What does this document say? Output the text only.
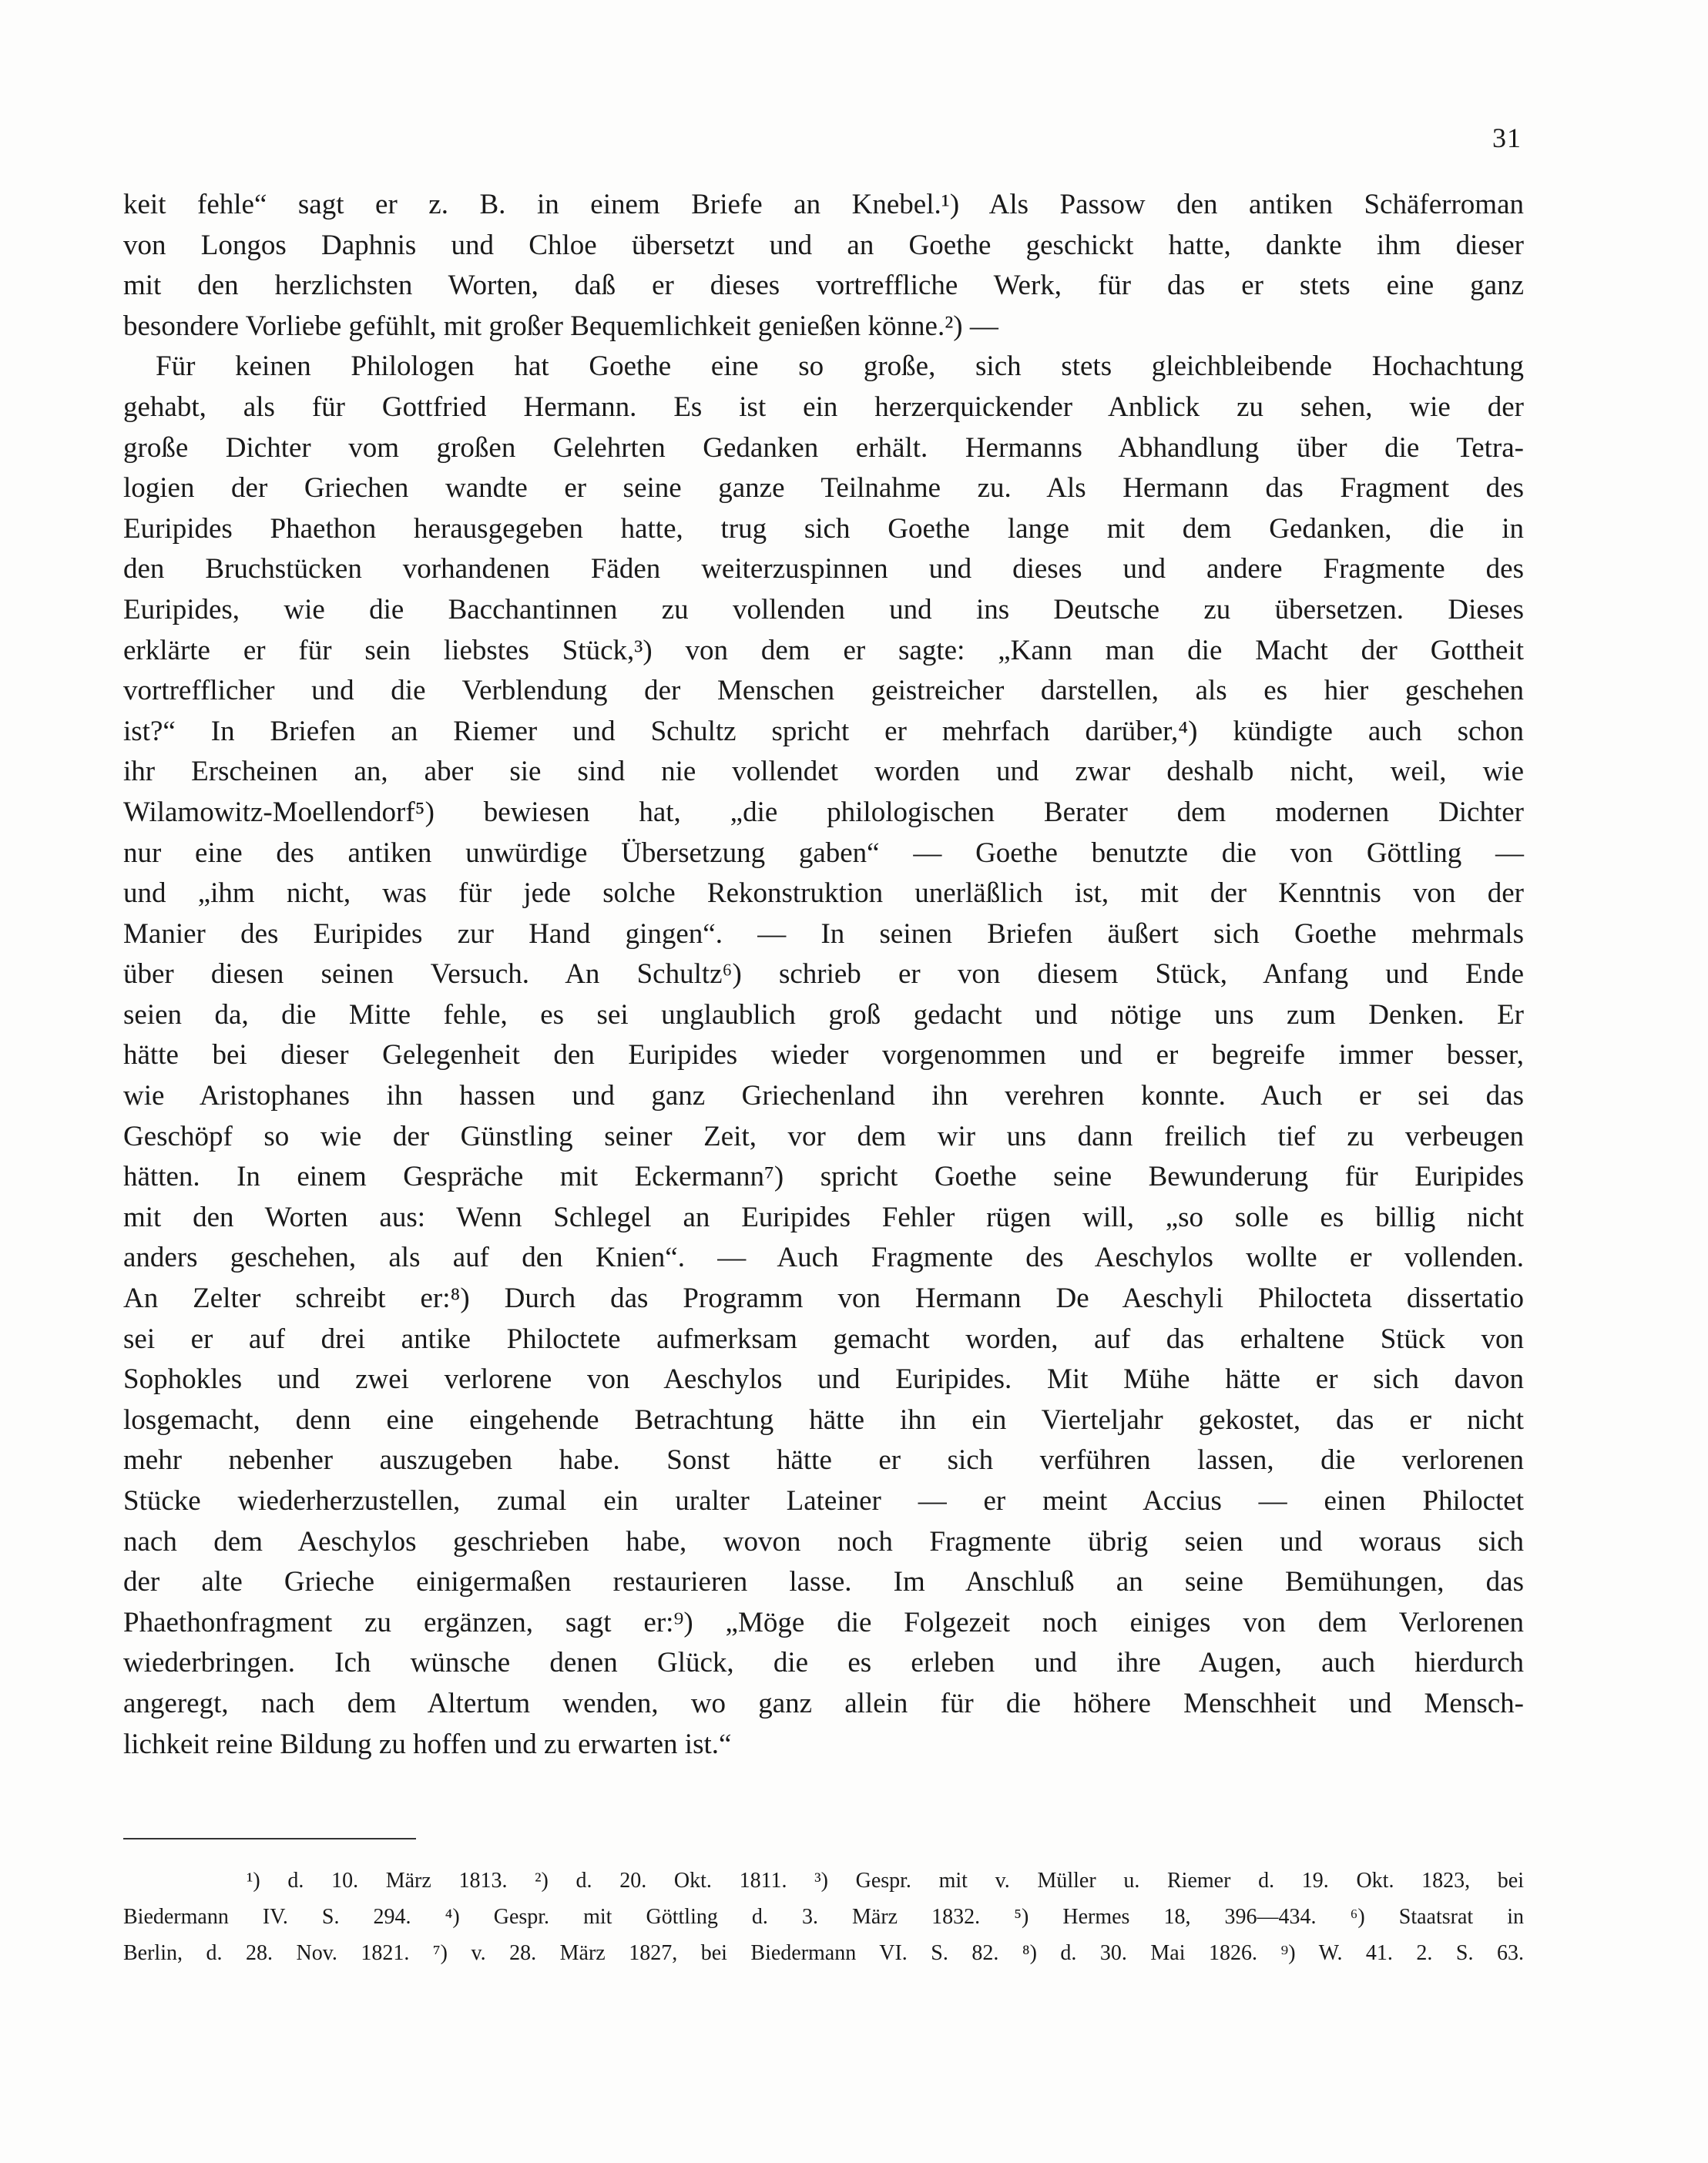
31
keit fehle“ sagt er z. B. in einem Briefe an Knebel.¹) Als Passow den antiken Schäferroman
von Longos Daphnis und Chloe übersetzt und an Goethe geschickt hatte, dankte ihm dieser
mit den herzlichsten Worten, daß er dieses vortreffliche Werk, für das er stets eine ganz
besondere Vorliebe gefühlt, mit großer Bequemlichkeit genießen könne.²) —
Für keinen Philologen hat Goethe eine so große, sich stets gleichbleibende Hochachtung
gehabt, als für Gottfried Hermann. Es ist ein herzerquickender Anblick zu sehen, wie der
große Dichter vom großen Gelehrten Gedanken erhält. Hermanns Abhandlung über die Tetra-
logien der Griechen wandte er seine ganze Teilnahme zu. Als Hermann das Fragment des
Euripides Phaethon herausgegeben hatte, trug sich Goethe lange mit dem Gedanken, die in
den Bruchstücken vorhandenen Fäden weiterzuspinnen und dieses und andere Fragmente des
Euripides, wie die Bacchantinnen zu vollenden und ins Deutsche zu übersetzen. Dieses
erklärte er für sein liebstes Stück,³) von dem er sagte: „Kann man die Macht der Gottheit
vortrefflicher und die Verblendung der Menschen geistreicher darstellen, als es hier geschehen
ist?“ In Briefen an Riemer und Schultz spricht er mehrfach darüber,⁴) kündigte auch schon
ihr Erscheinen an, aber sie sind nie vollendet worden und zwar deshalb nicht, weil, wie
Wilamowitz-Moellendorf⁵) bewiesen hat, „die philologischen Berater dem modernen Dichter
nur eine des antiken unwürdige Übersetzung gaben“ — Goethe benutzte die von Göttling —
und „ihm nicht, was für jede solche Rekonstruktion unerläßlich ist, mit der Kenntnis von der
Manier des Euripides zur Hand gingen“. — In seinen Briefen äußert sich Goethe mehrmals
über diesen seinen Versuch. An Schultz⁶) schrieb er von diesem Stück, Anfang und Ende
seien da, die Mitte fehle, es sei unglaublich groß gedacht und nötige uns zum Denken. Er
hätte bei dieser Gelegenheit den Euripides wieder vorgenommen und er begreife immer besser,
wie Aristophanes ihn hassen und ganz Griechenland ihn verehren konnte. Auch er sei das
Geschöpf so wie der Günstling seiner Zeit, vor dem wir uns dann freilich tief zu verbeugen
hätten. In einem Gespräche mit Eckermann⁷) spricht Goethe seine Bewunderung für Euripides
mit den Worten aus: Wenn Schlegel an Euripides Fehler rügen will, „so solle es billig nicht
anders geschehen, als auf den Knien“. — Auch Fragmente des Aeschylos wollte er vollenden.
An Zelter schreibt er:⁸) Durch das Programm von Hermann De Aeschyli Philocteta dissertatio
sei er auf drei antike Philoctete aufmerksam gemacht worden, auf das erhaltene Stück von
Sophokles und zwei verlorene von Aeschylos und Euripides. Mit Mühe hätte er sich davon
losgemacht, denn eine eingehende Betrachtung hätte ihn ein Vierteljahr gekostet, das er nicht
mehr nebenher auszugeben habe. Sonst hätte er sich verführen lassen, die verlorenen
Stücke wiederherzustellen, zumal ein uralter Lateiner — er meint Accius — einen Philoctet
nach dem Aeschylos geschrieben habe, wovon noch Fragmente übrig seien und woraus sich
der alte Grieche einigermaßen restaurieren lasse. Im Anschluß an seine Bemühungen, das
Phaethonfragment zu ergänzen, sagt er:⁹) „Möge die Folgezeit noch einiges von dem Verlorenen
wiederbringen. Ich wünsche denen Glück, die es erleben und ihre Augen, auch hierdurch
angeregt, nach dem Altertum wenden, wo ganz allein für die höhere Menschheit und Mensch-
lichkeit reine Bildung zu hoffen und zu erwarten ist.“
¹) d. 10. März 1813. ²) d. 20. Okt. 1811. ³) Gespr. mit v. Müller u. Riemer d. 19. Okt. 1823, bei
Biedermann IV. S. 294. ⁴) Gespr. mit Göttling d. 3. März 1832. ⁵) Hermes 18, 396—434. ⁶) Staatsrat in
Berlin, d. 28. Nov. 1821. ⁷) v. 28. März 1827, bei Biedermann VI. S. 82. ⁸) d. 30. Mai 1826. ⁹) W. 41. 2. S. 63.
